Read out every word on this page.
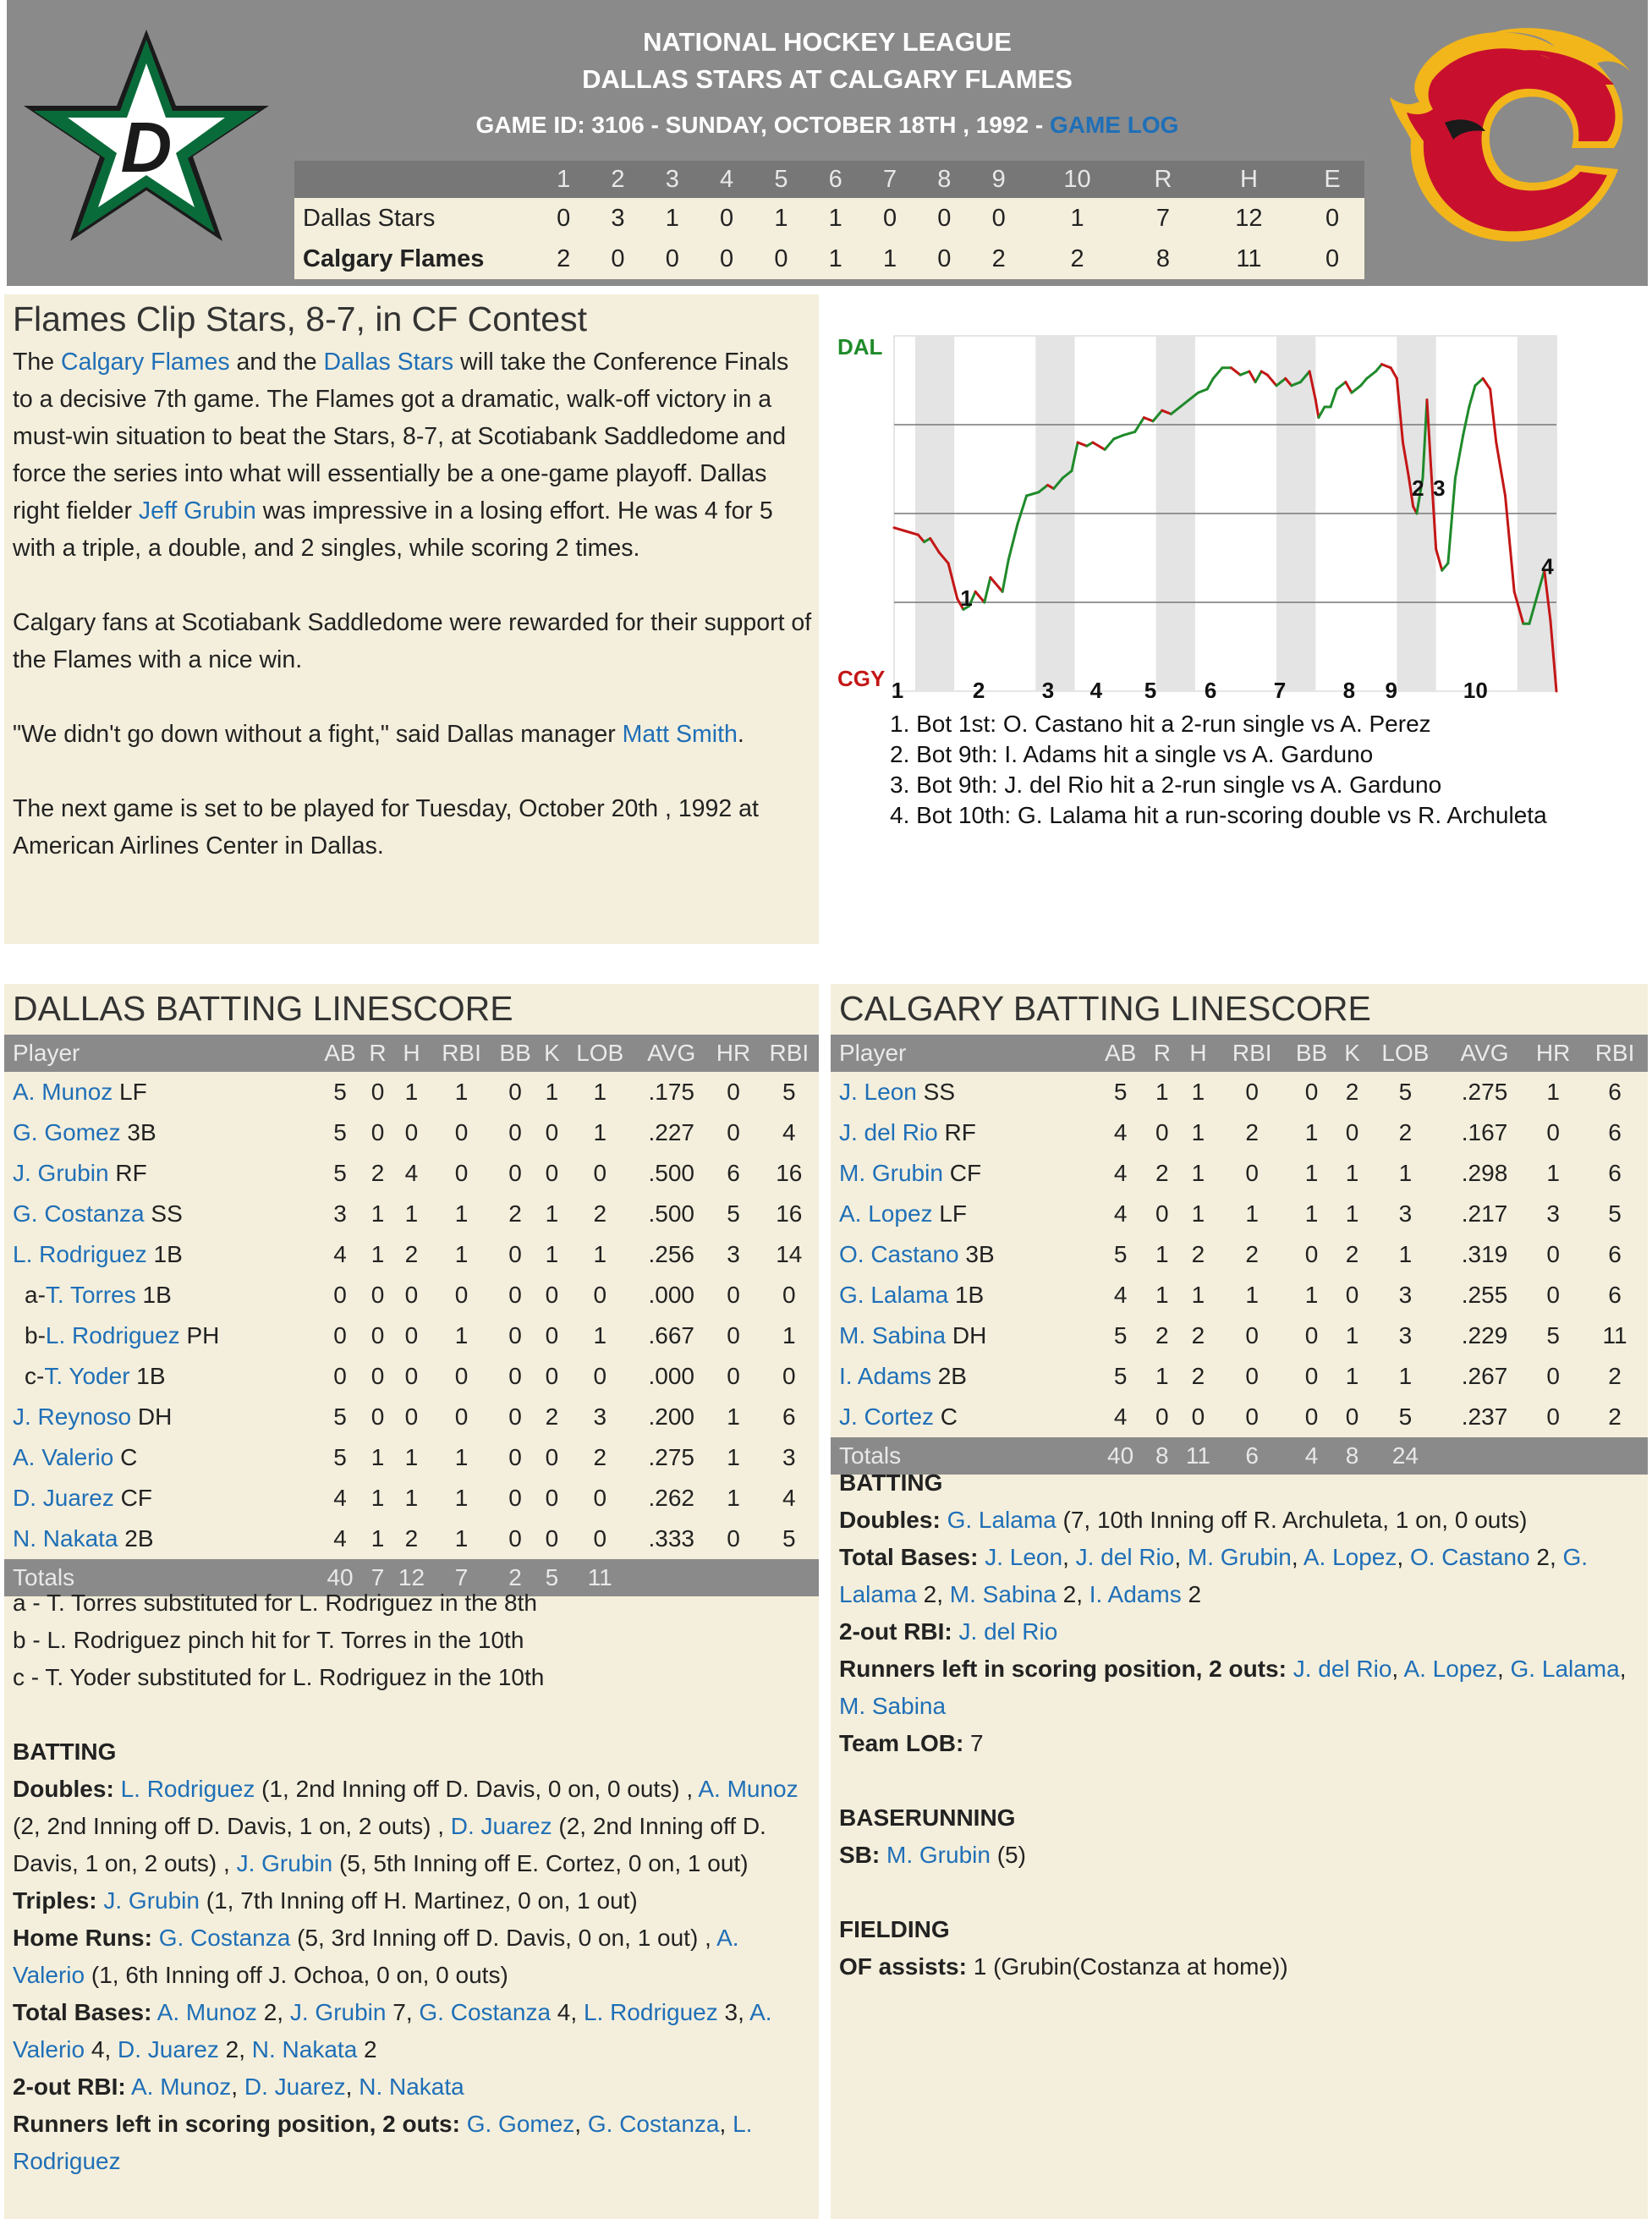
D
NATIONAL HOCKEY LEAGUE
DALLAS STARS AT CALGARY FLAMES
GAME ID: 3106 - SUNDAY, OCTOBER 18TH , 1992 - GAME LOG
	1	2	3	4	5	6	7	8	9	10	R	H	E
Dallas Stars	0	3	1	0	1	1	0	0	0	1	7	12	0
Calgary Flames	2	0	0	0	0	1	1	0	2	2	8	11	0
Flames Clip Stars, 8-7, in CF Contest

The Calgary Flames and the Dallas Stars will take the Conference Finals to a decisive 7th game. The Flames got a dramatic, walk-off victory in a must-win situation to beat the Stars, 8-7, at Scotiabank Saddledome and force the series into what will essentially be a one-game playoff. Dallas right fielder Jeff Grubin was impressive in a losing effort. He was 4 for 5 with a triple, a double, and 2 singles, while scoring 2 times.

Calgary fans at Scotiabank Saddledome were rewarded for their support of the Flames with a nice win.

"We didn't go down without a fight," said Dallas manager Matt Smith.

The next game is set to be played for Tuesday, October 20th , 1992 at American Airlines Center in Dallas.

DAL
CGY
1
2 3
4
1	2	3 4 5 6	7	8 9	10
1. Bot 1st: O. Castano hit a 2-run single vs A. Perez
2. Bot 9th: I. Adams hit a single vs A. Garduno
3. Bot 9th: J. del Rio hit a 2-run single vs A. Garduno
4. Bot 10th: G. Lalama hit a run-scoring double vs R. Archuleta
DALLAS BATTING LINESCORE
Player	AB	R	H	RBI	BB	K	LOB	AVG	HR	RBI
A. Munoz LF	5	0	1	1	0	1	1	.175	0	5
G. Gomez 3B	5	0	0	0	0	0	1	.227	0	4
J. Grubin RF	5	2	4	0	0	0	0	.500	6	16
G. Costanza SS	3	1	1	1	2	1	2	.500	5	16
L. Rodriguez 1B	4	1	2	1	0	1	1	.256	3	14
a-T. Torres 1B	0	0	0	0	0	0	0	.000	0	0
b-L. Rodriguez PH	0	0	0	1	0	0	1	.667	0	1
c-T. Yoder 1B	0	0	0	0	0	0	0	.000	0	0
J. Reynoso DH	5	0	0	0	0	2	3	.200	1	6
A. Valerio C	5	1	1	1	0	0	2	.275	1	3
D. Juarez CF	4	1	1	1	0	0	0	.262	1	4
N. Nakata 2B	4	1	2	1	0	0	0	.333	0	5
Totals	40	7	12	7	2	5	11			
a - T. Torres substituted for L. Rodriguez in the 8th
b - L. Rodriguez pinch hit for T. Torres in the 10th
c - T. Yoder substituted for L. Rodriguez in the 10th
BATTING
Doubles: L. Rodriguez (1, 2nd Inning off D. Davis, 0 on, 0 outs) , A. Munoz (2, 2nd Inning off D. Davis, 1 on, 2 outs) , D. Juarez (2, 2nd Inning off D. Davis, 1 on, 2 outs) , J. Grubin (5, 5th Inning off E. Cortez, 0 on, 1 out)
Triples: J. Grubin (1, 7th Inning off H. Martinez, 0 on, 1 out)
Home Runs: G. Costanza (5, 3rd Inning off D. Davis, 0 on, 1 out) , A. Valerio (1, 6th Inning off J. Ochoa, 0 on, 0 outs)
Total Bases: A. Munoz 2, J. Grubin 7, G. Costanza 4, L. Rodriguez 3, A. Valerio 4, D. Juarez 2, N. Nakata 2
2-out RBI: A. Munoz, D. Juarez, N. Nakata
Runners left in scoring position, 2 outs: G. Gomez, G. Costanza, L. Rodriguez
CALGARY BATTING LINESCORE
Player	AB	R	H	RBI	BB	K	LOB	AVG	HR	RBI
J. Leon SS	5	1	1	0	0	2	5	.275	1	6
J. del Rio RF	4	0	1	2	1	0	2	.167	0	6
M. Grubin CF	4	2	1	0	1	1	1	.298	1	6
A. Lopez LF	4	0	1	1	1	1	3	.217	3	5
O. Castano 3B	5	1	2	2	0	2	1	.319	0	6
G. Lalama 1B	4	1	1	1	1	0	3	.255	0	6
M. Sabina DH	5	2	2	0	0	1	3	.229	5	11
I. Adams 2B	5	1	2	0	0	1	1	.267	0	2
J. Cortez C	4	0	0	0	0	0	5	.237	0	2
Totals	40	8	11	6	4	8	24			
BATTING
Doubles: G. Lalama (7, 10th Inning off R. Archuleta, 1 on, 0 outs)
Total Bases: J. Leon, J. del Rio, M. Grubin, A. Lopez, O. Castano 2, G. Lalama 2, M. Sabina 2, I. Adams 2
2-out RBI: J. del Rio
Runners left in scoring position, 2 outs: J. del Rio, A. Lopez, G. Lalama, M. Sabina
Team LOB: 7
BASERUNNING
SB: M. Grubin (5)
FIELDING
OF assists: 1 (Grubin(Costanza at home))
